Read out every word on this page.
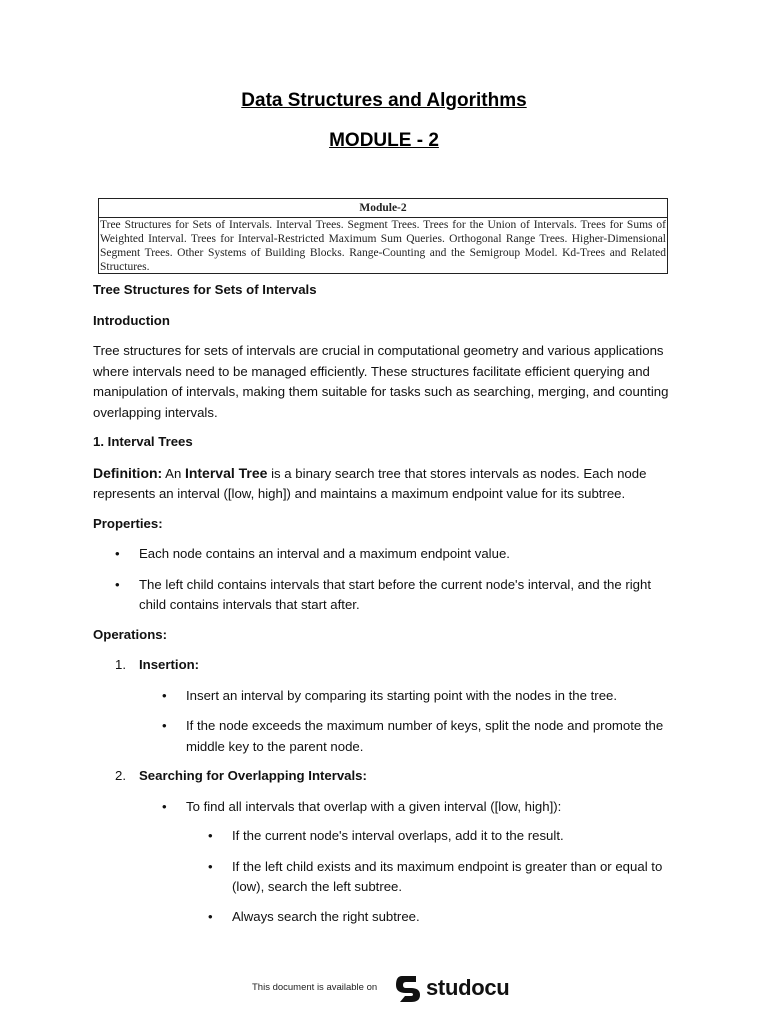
Data Structures and Algorithms
MODULE - 2
Module-2
Tree Structures for Sets of Intervals. Interval Trees. Segment Trees. Trees for the Union of Intervals. Trees for Sums of Weighted Interval. Trees for Interval-Restricted Maximum Sum Queries. Orthogonal Range Trees. Higher-Dimensional Segment Trees. Other Systems of Building Blocks. Range-Counting and the Semigroup Model. Kd-Trees and Related Structures.

Tree Structures for Sets of Intervals

Introduction

Tree structures for sets of intervals are crucial in computational geometry and various applications where intervals need to be managed efficiently. These structures facilitate efficient querying and manipulation of intervals, making them suitable for tasks such as searching, merging, and counting overlapping intervals.

1. Interval Trees

Definition: An Interval Tree is a binary search tree that stores intervals as nodes. Each node represents an interval ([low, high]) and maintains a maximum endpoint value for its subtree.

Properties:

• Each node contains an interval and a maximum endpoint value.
• The left child contains intervals that start before the current node's interval, and the right child contains intervals that start after.

Operations:

1. Insertion:
• Insert an interval by comparing its starting point with the nodes in the tree.
• If the node exceeds the maximum number of keys, split the node and promote the middle key to the parent node.
2. Searching for Overlapping Intervals:
• To find all intervals that overlap with a given interval ([low, high]):
• If the current node's interval overlaps, add it to the result.
• If the left child exists and its maximum endpoint is greater than or equal to (low), search the left subtree.
• Always search the right subtree.
This document is available on studocu
